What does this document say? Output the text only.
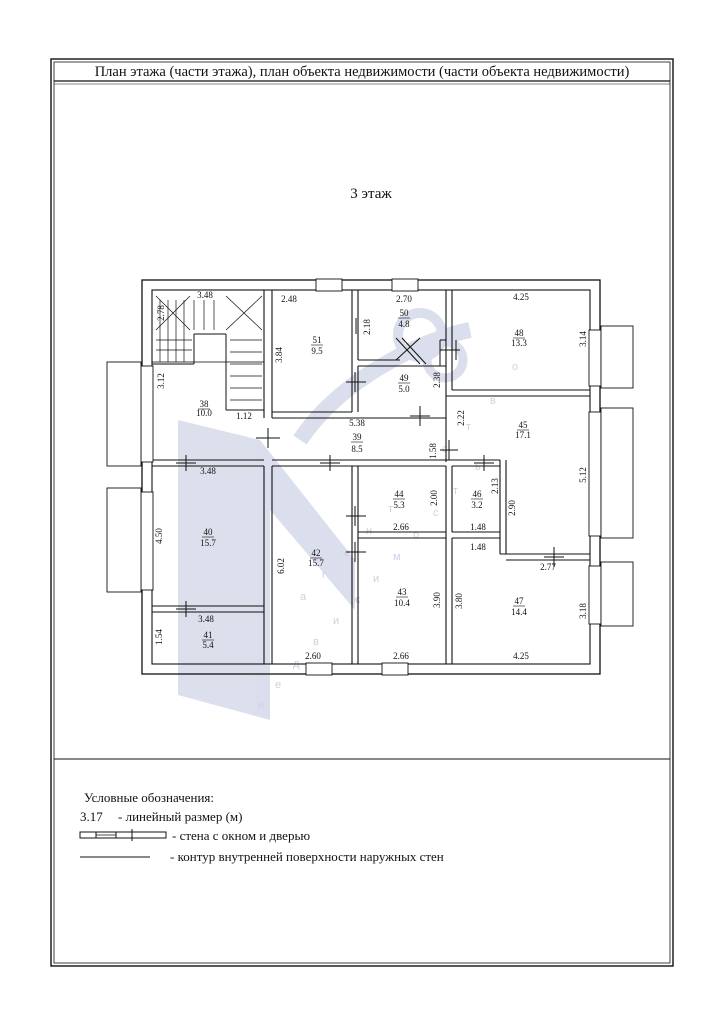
План этажа (части этажа), план объекта недвижимости (части объекта недвижимости)
н
е
д
в
и
ж
и
м
о
с
т
ь
а
г
е
н
т
с
т
в
о
3 этаж
38
10.0
39
8.5
40
15.7
41
5.4
42
15.7
43
10.4
44
5.3
45
17.1
46
3.2
47
14.4
48
13.3
49
5.0
50
4.8
51
9.5
3.48	2.48	2.70	4.25
2.78
3.12
1.12
3.84
2.18
2.38
3.14
5.38
1.58
2.22
3.48	5.12
2.00
2.13
2.66	1.48
2.90
4.50
1.48
2.77
6.02
3.90 3.80
3.18
3.48
1.54
2.60	2.66	4.25
Условные обозначения:
3.17 - линейный размер (м)
- стена с окном и дверью
- контур внутренней поверхности наружных стен
